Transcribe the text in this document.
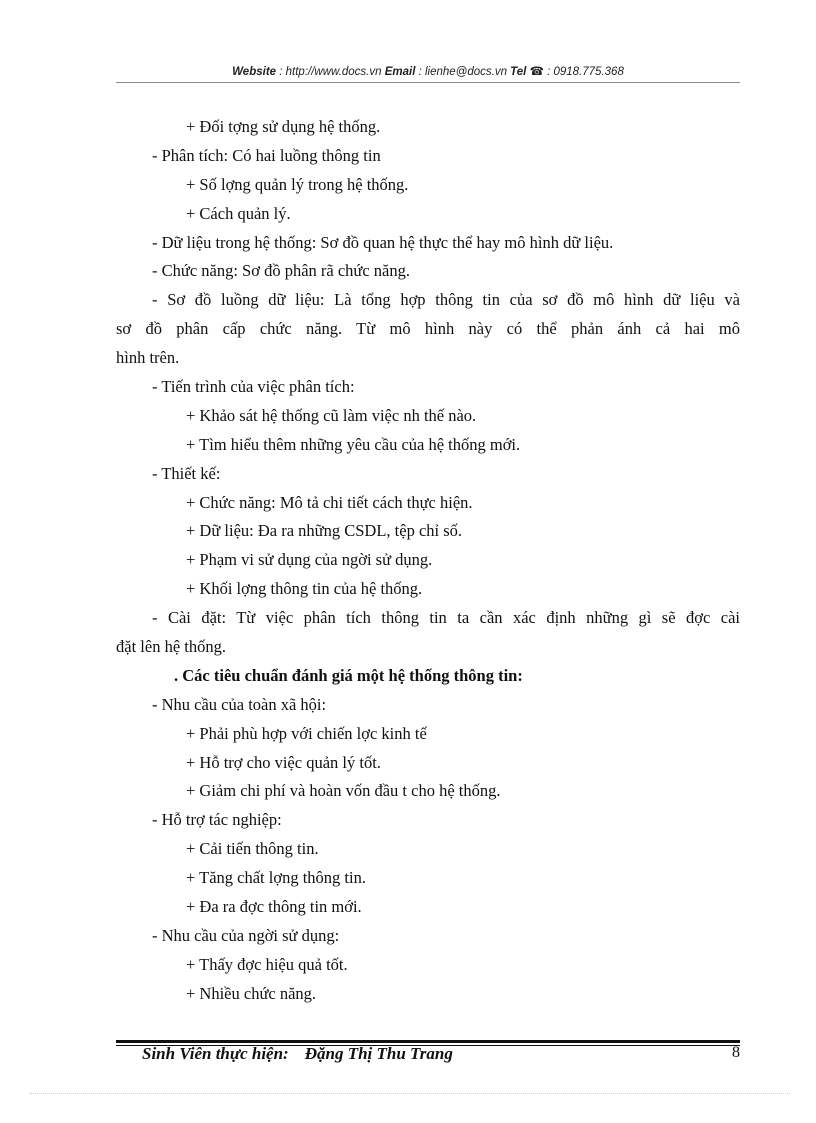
Website : http://www.docs.vn Email : lienhe@docs.vn Tel ☎ : 0918.775.368
+ Đối tợng sử dụng hệ thống.
- Phân tích: Có hai luồng thông tin
+ Số lợng quản lý trong hệ thống.
+ Cách quản lý.
- Dữ liệu trong hệ thống: Sơ đồ quan hệ thực thể hay mô hình dữ liệu.
- Chức năng: Sơ đồ phân rã chức năng.
- Sơ đồ luồng dữ liệu: Là tổng hợp thông tin của sơ đồ mô hình dữ liệu và
sơ đồ phân cấp chức năng. Từ mô hình này có thể phản ánh cả hai mô
hình trên.
- Tiến trình của việc phân tích:
+ Khảo sát hệ thống cũ làm việc nh thế nào.
+ Tìm hiểu thêm những yêu cầu của hệ thống mới.
- Thiết kế:
+ Chức năng: Mô tả chi tiết cách thực hiện.
+ Dữ liệu: Đa ra những CSDL, tệp chỉ số.
+ Phạm vi sử dụng của ngời sử dụng.
+ Khối lợng thông tin của hệ thống.
- Cài đặt: Từ việc phân tích thông tin ta cần xác định những gì sẽ đợc cài
đặt lên hệ thống.
. Các tiêu chuẩn đánh giá một hệ thống thông tin:
- Nhu cầu của toàn xã hội:
+ Phải phù hợp với chiến lợc kinh tế
+ Hỗ trợ cho việc quản lý tốt.
+ Giảm chi phí và hoàn vốn đầu t cho hệ thống.
- Hỗ trợ tác nghiệp:
+ Cải tiến thông tin.
+ Tăng chất lợng thông tin.
+ Đa ra đợc thông tin mới.
- Nhu cầu của ngời sử dụng:
+ Thấy đợc hiệu quả tốt.
+ Nhiều chức năng.
Sinh Viên thực hiện: Đặng Thị Thu Trang	8
